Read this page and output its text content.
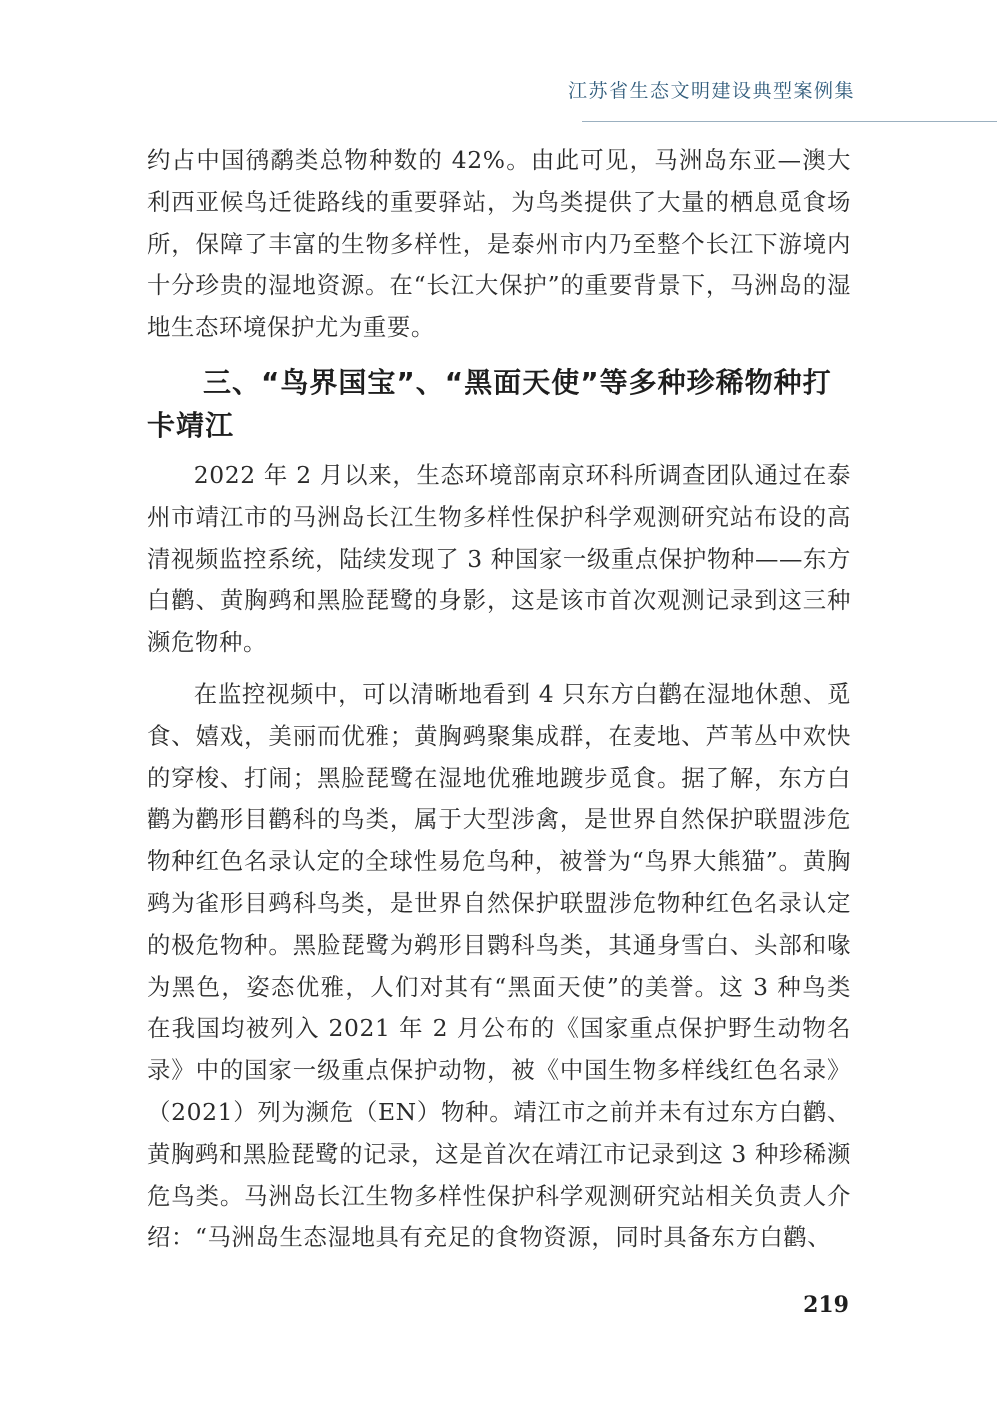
江苏省生态文明建设典型案例集

约占中国鸻鹬类总物种数的 42%。由此可见，马洲岛东亚—澳大利西亚候鸟迁徙路线的重要驿站，为鸟类提供了大量的栖息觅食场所，保障了丰富的生物多样性，是泰州市内乃至整个长江下游境内十分珍贵的湿地资源。在“长江大保护”的重要背景下，马洲岛的湿地生态环境保护尤为重要。

三、“鸟界国宝”、“黑面天使”等多种珍稀物种打卡靖江

2022 年 2 月以来，生态环境部南京环科所调查团队通过在泰州市靖江市的马洲岛长江生物多样性保护科学观测研究站布设的高清视频监控系统，陆续发现了 3 种国家一级重点保护物种——东方白鹳、黄胸鹀和黑脸琵鹭的身影，这是该市首次观测记录到这三种濒危物种。

在监控视频中，可以清晰地看到 4 只东方白鹳在湿地休憩、觅食、嬉戏，美丽而优雅；黄胸鹀聚集成群，在麦地、芦苇丛中欢快的穿梭、打闹；黑脸琵鹭在湿地优雅地踱步觅食。据了解，东方白鹳为鹳形目鹳科的鸟类，属于大型涉禽，是世界自然保护联盟涉危物种红色名录认定的全球性易危鸟种，被誉为“鸟界大熊猫”。黄胸鹀为雀形目鹀科鸟类，是世界自然保护联盟涉危物种红色名录认定的极危物种。黑脸琵鹭为鹈形目鹮科鸟类，其通身雪白、头部和喙为黑色，姿态优雅，人们对其有“黑面天使”的美誉。这 3 种鸟类在我国均被列入 2021 年 2 月公布的《国家重点保护野生动物名录》中的国家一级重点保护动物，被《中国生物多样线红色名录》（2021）列为濒危（EN）物种。靖江市之前并未有过东方白鹳、黄胸鹀和黑脸琵鹭的记录，这是首次在靖江市记录到这 3 种珍稀濒危鸟类。马洲岛长江生物多样性保护科学观测研究站相关负责人介绍：“马洲岛生态湿地具有充足的食物资源，同时具备东方白鹳、

219
